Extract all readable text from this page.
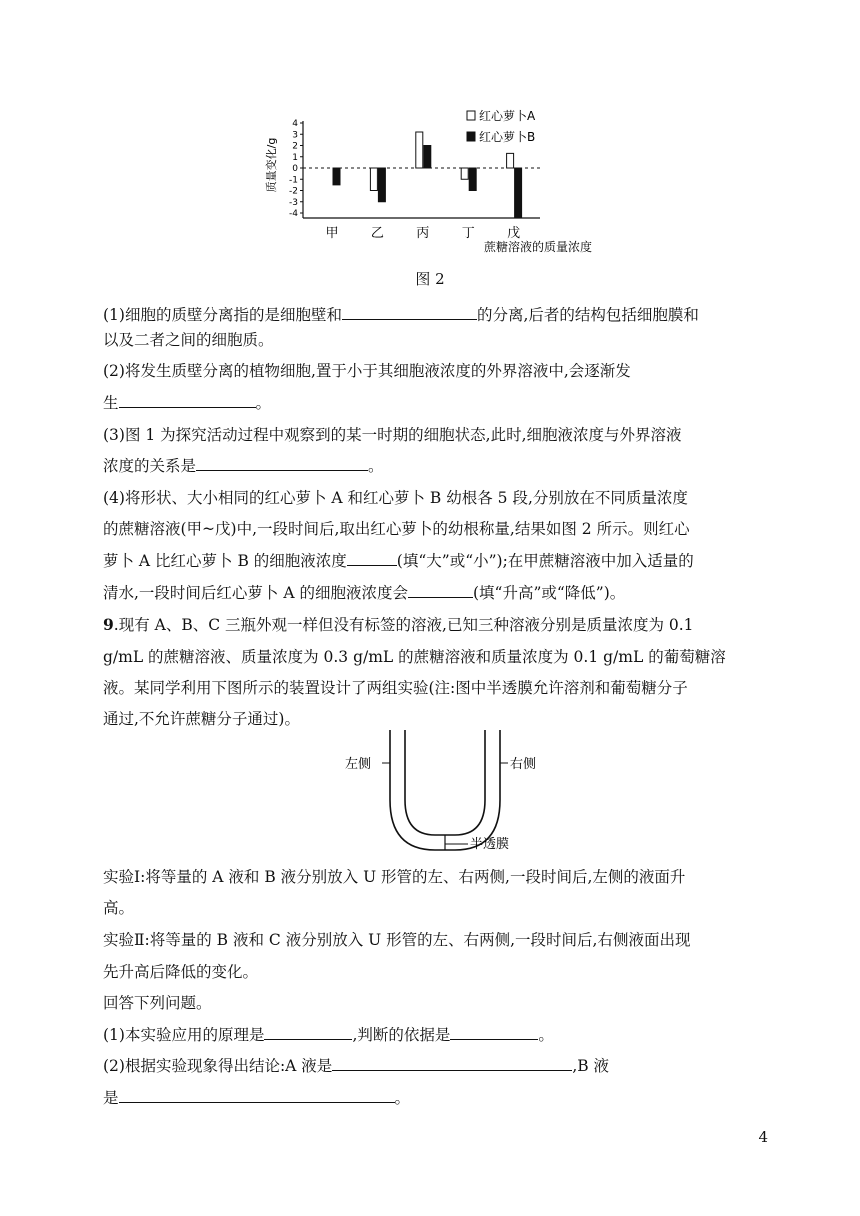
4
3
2
1
0
-1
-2
-3
-4
质量变化/g
甲 乙 丙 丁 戊
蔗糖溶液的质量浓度
红心萝卜A
红心萝卜B
图 2
(1)细胞的质壁分离指的是细胞壁和	的分离,后者的结构包括细胞膜和
以及二者之间的细胞质。
(2)将发生质壁分离的植物细胞,置于小于其细胞液浓度的外界溶液中,会逐渐发
生	。
(3)图 1 为探究活动过程中观察到的某一时期的细胞状态,此时,细胞液浓度与外界溶液
浓度的关系是	。
(4)将形状、大小相同的红心萝卜 A 和红心萝卜 B 幼根各 5 段,分别放在不同质量浓度
的蔗糖溶液(甲~戊)中,一段时间后,取出红心萝卜的幼根称量,结果如图 2 所示。则红心
萝卜 A 比红心萝卜 B 的细胞液浓度	(填“大”或“小”);在甲蔗糖溶液中加入适量的
清水,一段时间后红心萝卜 A 的细胞液浓度会	(填“升高”或“降低”)。
9.现有 A、B、C 三瓶外观一样但没有标签的溶液,已知三种溶液分别是质量浓度为 0.1
g/mL 的蔗糖溶液、质量浓度为 0.3 g/mL 的蔗糖溶液和质量浓度为 0.1 g/mL 的葡萄糖溶
液。某同学利用下图所示的装置设计了两组实验(注:图中半透膜允许溶剂和葡萄糖分子
通过,不允许蔗糖分子通过)。
实验Ⅰ:将等量的 A 液和 B 液分别放入 U 形管的左、右两侧,一段时间后,左侧的液面升
高。
实验Ⅱ:将等量的 B 液和 C 液分别放入 U 形管的左、右两侧,一段时间后,右侧液面出现
先升高后降低的变化。
回答下列问题。
(1)本实验应用的原理是	,判断的依据是	。
(2)根据实验现象得出结论:A 液是	,B 液
是	。
左侧	右侧
半透膜
4
